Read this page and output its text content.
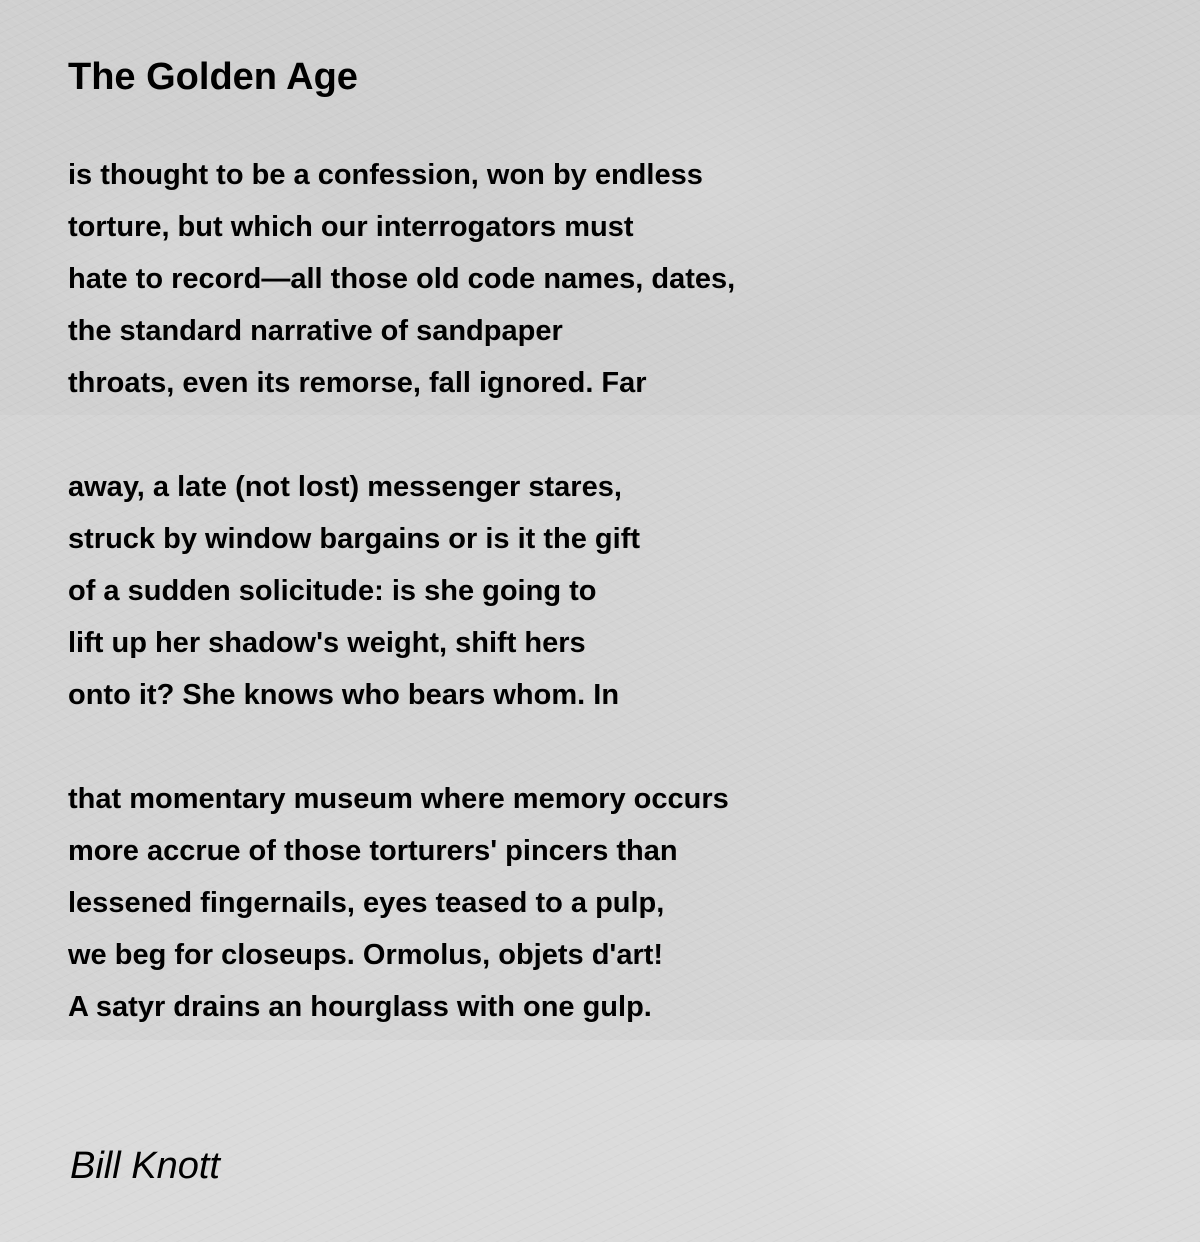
The Golden Age
is thought to be a confession, won by endless
torture, but which our interrogators must
hate to record—all those old code names, dates,
the standard narrative of sandpaper
throats, even its remorse, fall ignored. Far
away, a late (not lost) messenger stares,
struck by window bargains or is it the gift
of a sudden solicitude: is she going to
lift up her shadow's weight, shift hers
onto it? She knows who bears whom. In
that momentary museum where memory occurs
more accrue of those torturers' pincers than
lessened fingernails, eyes teased to a pulp,
we beg for closeups. Ormolus, objets d'art!
A satyr drains an hourglass with one gulp.
Bill Knott
